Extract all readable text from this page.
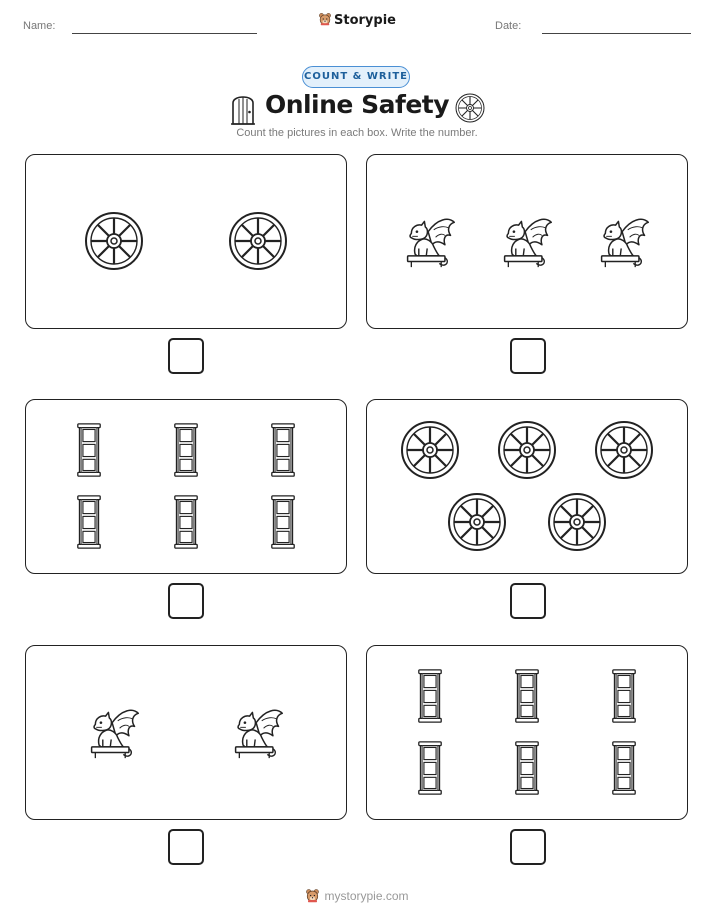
Name:	Storypie	Date:
COUNT & WRITE
Online Safety
Count the pictures in each box. Write the number.
mystorypie.com
